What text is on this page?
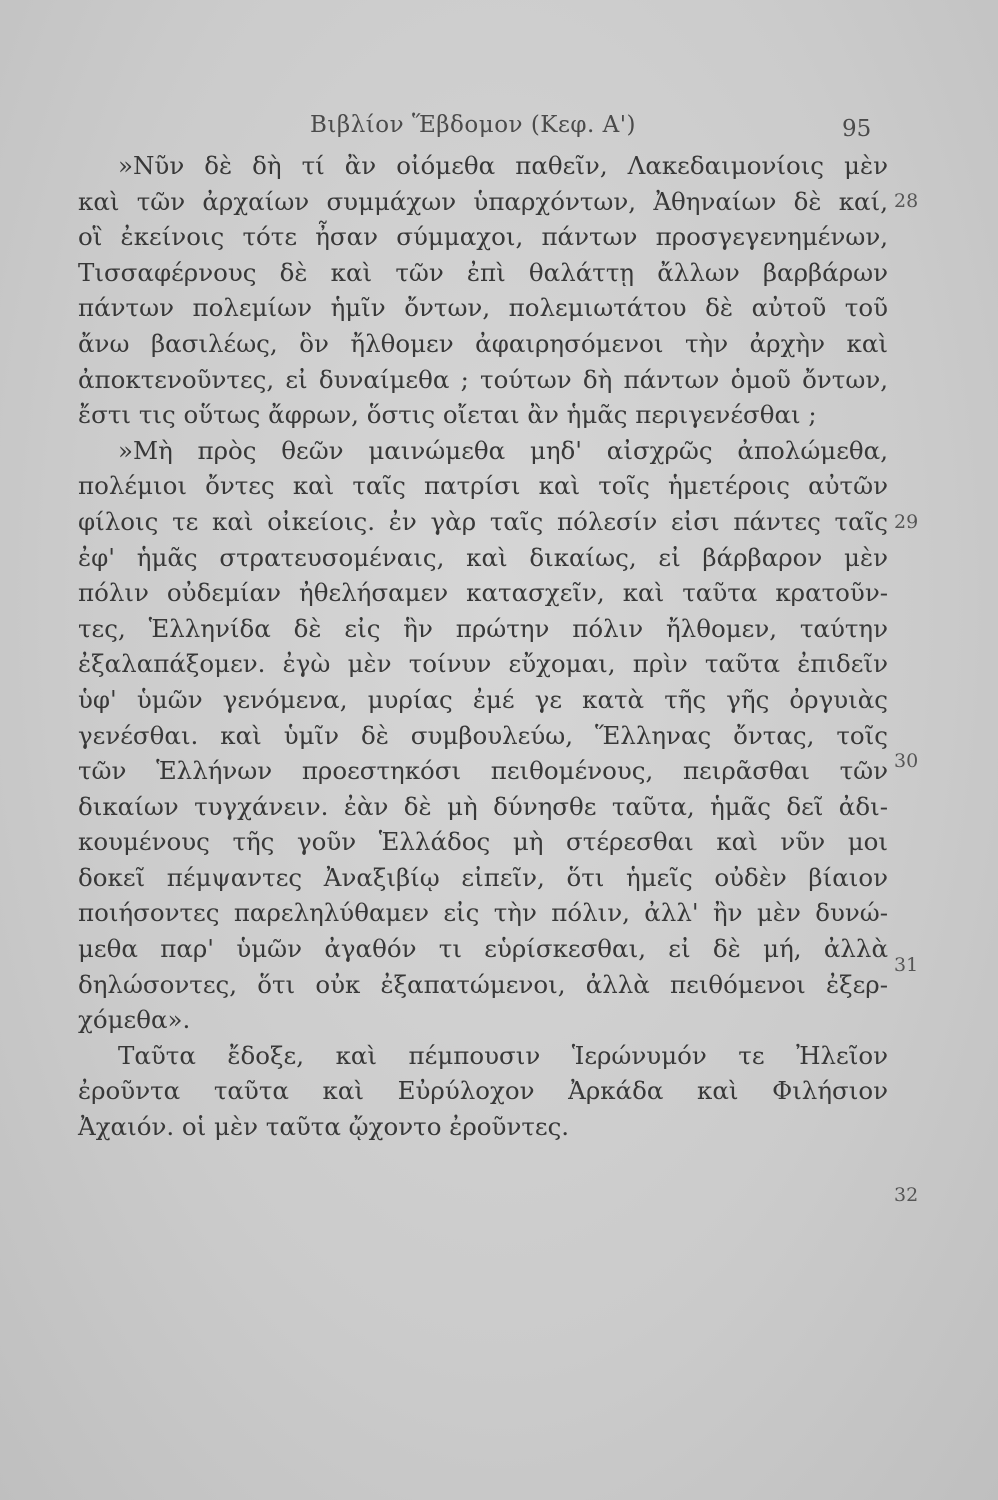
Βιβλίον Ἕβδομον (Κεφ. Α')	95
»Νῦν δὲ δὴ τί ἂν οἰόμεθα παθεῖν, Λακεδαιμονίοις μὲν
καὶ τῶν ἀρχαίων συμμάχων ὑπαρχόντων, Ἀθηναίων δὲ καί,
οἳ ἐκείνοις τότε ἦσαν σύμμαχοι, πάντων προσγεγενημένων,
Τισσαφέρνους δὲ καὶ τῶν ἐπὶ θαλάττῃ ἄλλων βαρβάρων
πάντων πολεμίων ἡμῖν ὄντων, πολεμιωτάτου δὲ αὐτοῦ τοῦ
ἄνω βασιλέως, ὃν ἤλθομεν ἀφαιρησόμενοι τὴν ἀρχὴν καὶ
ἀποκτενοῦντες, εἰ δυναίμεθα ; τούτων δὴ πάντων ὁμοῦ ὄντων,
ἔστι τις οὕτως ἄφρων, ὅστις οἴεται ἂν ἡμᾶς περιγενέσθαι ;
»Μὴ πρὸς θεῶν μαινώμεθα μηδ' αἰσχρῶς ἀπολώμεθα,
πολέμιοι ὄντες καὶ ταῖς πατρίσι καὶ τοῖς ἡμετέροις αὐτῶν
φίλοις τε καὶ οἰκείοις. ἐν γὰρ ταῖς πόλεσίν εἰσι πάντες ταῖς
ἐφ' ἡμᾶς στρατευσομέναις, καὶ δικαίως, εἰ βάρβαρον μὲν
πόλιν οὐδεμίαν ἠθελήσαμεν κατασχεῖν, καὶ ταῦτα κρατοῦν-
τες, Ἑλληνίδα δὲ εἰς ἣν πρώτην πόλιν ἤλθομεν, ταύτην
ἐξαλαπάξομεν. ἐγὼ μὲν τοίνυν εὔχομαι, πρὶν ταῦτα ἐπιδεῖν
ὑφ' ὑμῶν γενόμενα, μυρίας ἐμέ γε κατὰ τῆς γῆς ὀργυιὰς
γενέσθαι. καὶ ὑμῖν δὲ συμβουλεύω, Ἕλληνας ὄντας, τοῖς
τῶν Ἑλλήνων προεστηκόσι πειθομένους, πειρᾶσθαι τῶν
δικαίων τυγχάνειν. ἐὰν δὲ μὴ δύνησθε ταῦτα, ἡμᾶς δεῖ ἀδι-
κουμένους τῆς γοῦν Ἑλλάδος μὴ στέρεσθαι καὶ νῦν μοι
δοκεῖ πέμψαντες Ἀναξιβίῳ εἰπεῖν, ὅτι ἡμεῖς οὐδὲν βίαιον
ποιήσοντες παρεληλύθαμεν εἰς τὴν πόλιν, ἀλλ' ἢν μὲν δυνώ-
μεθα παρ' ὑμῶν ἀγαθόν τι εὑρίσκεσθαι, εἰ δὲ μή, ἀλλὰ
δηλώσοντες, ὅτι οὐκ ἐξαπατώμενοι, ἀλλὰ πειθόμενοι ἐξερ-
χόμεθα».
Ταῦτα ἔδοξε, καὶ πέμπουσιν Ἱερώνυμόν τε Ἠλεῖον
ἐροῦντα ταῦτα καὶ Εὐρύλοχον Ἀρκάδα καὶ Φιλήσιον
Ἀχαιόν. οἱ μὲν ταῦτα ᾤχοντο ἐροῦντες.
28
29
30
31
32
